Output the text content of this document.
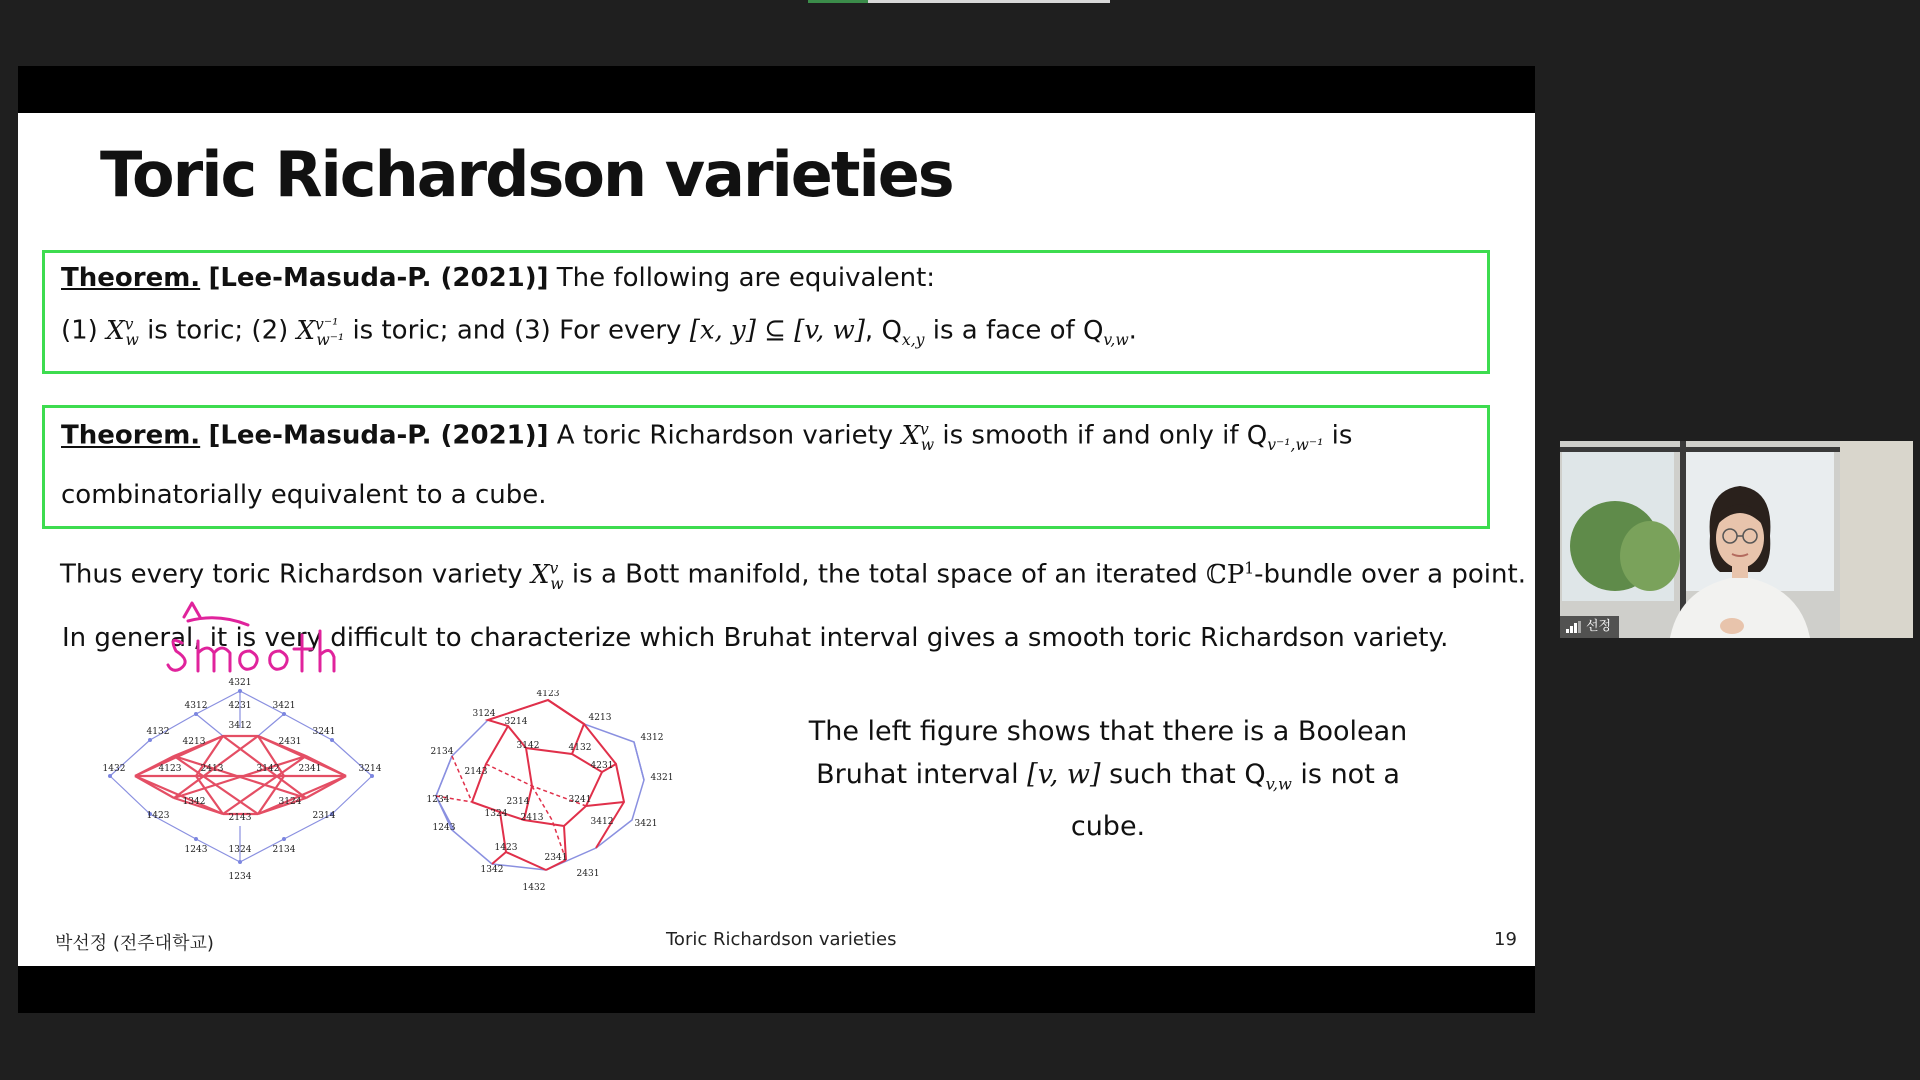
Toric Richardson varieties
Theorem. [Lee-Masuda-P. (2021)] The following are equivalent:
(1) $X^v_w$ is toric; (2) $X^{v^{-1}}_{w^{-1}}$ is toric; and (3) For every [x, y] ⊆ [v, w], $Q_{x,y}$ is a face of $Q_{v,w}$.
Theorem. [Lee-Masuda-P. (2021)] A toric Richardson variety $X^v_w$ is smooth if and only if $Q_{v^{-1},w^{-1}}$ is
combinatorially equivalent to a cube.
Thus every toric Richardson variety $X^v_w$ is a Bott manifold, the total space of an iterated ℂP$^1$-bundle over a point.
In general, it is very difficult to characterize which Bruhat interval gives a smooth toric Richardson variety.
4321
4312 4231 3421
4132
3412
3241
4213	2431
1432	4123 2413	3142 2341	3214
1342	3124
1423	2143	2314
1243 1324 2134
1234
4123
3124	4213
3214
4132
3142
4312
4231
4321
2134
2143
3241
2314
1234
2413
1324
3412
1243	3421
1423
2341
1342	2431
1432
The left figure shows that there is a Boolean
Bruhat interval [v, w] such that $Q_{v,w}$ is not a cube.
박선정 (전주대학교)	Toric Richardson varieties	19
선정
